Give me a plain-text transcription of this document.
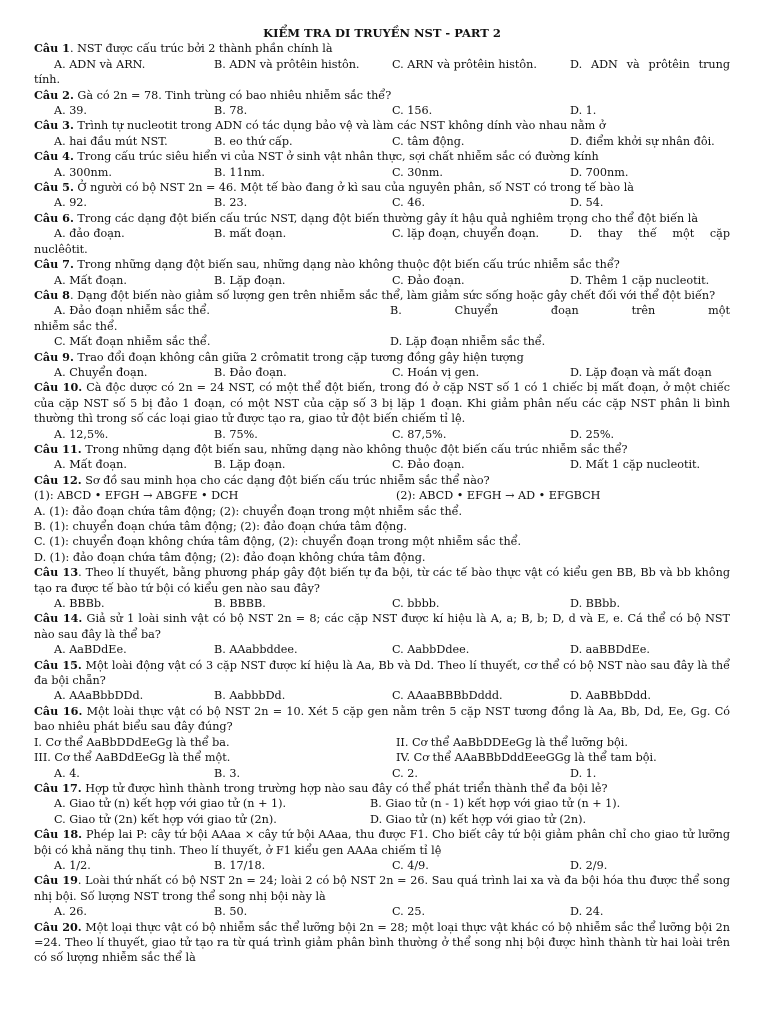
KIỂM TRA DI TRUYỀN NST - PART 2
Câu 1. NST được cấu trúc bởi 2 thành phần chính là
A. ADN và ARN.	B. ADN và prôtêin histôn.	C. ARN và prôtêin histôn.	D. ADN và prôtêin trung
tính.
Câu 2. Gà có 2n = 78. Tinh trùng có bao nhiêu nhiễm sắc thể?
A. 39.	B. 78.	C. 156.	D. 1.
Câu 3. Trình tự nucleotit trong ADN có tác dụng bảo vệ và làm các NST không dính vào nhau nằm ở
A. hai đầu mút NST.	B. eo thứ cấp.	C. tâm động.	D. điểm khởi sự nhân đôi.
Câu 4. Trong cấu trúc siêu hiển vi của NST ở sinh vật nhân thực, sợi chất nhiễm sắc có đường kính
A. 300nm.	B. 11nm.	C. 30nm.	D. 700nm.
Câu 5. Ở người có bộ NST 2n = 46. Một tế bào đang ở kì sau của nguyên phân, số NST có trong tế bào là
A. 92.	B. 23.	C. 46.	D. 54.
Câu 6. Trong các dạng đột biến cấu trúc NST, dạng đột biến thường gây ít hậu quả nghiêm trọng cho thể đột biến là
A. đảo đoạn.	B. mất đoạn.	C. lặp đoạn, chuyển đoạn.	D. thay thế một cặp
nuclêôtit.
Câu 7. Trong những dạng đột biến sau, những dạng nào không thuộc đột biến cấu trúc nhiễm sắc thể?
A. Mất đoạn.	B. Lặp đoạn.	C. Đảo đoạn.	D. Thêm 1 cặp nucleotit.
Câu 8. Dạng đột biến nào giảm số lượng gen trên nhiễm sắc thể, làm giảm sức sống hoặc gây chết đối với thể đột biến?
A. Đảo đoạn nhiễm sắc thể.	B. Chuyển đoạn trên một
nhiễm sắc thể.
C. Mất đoạn nhiễm sắc thể.	D. Lặp đoạn nhiễm sắc thể.
Câu 9. Trao đổi đoạn không cân giữa 2 crômatit trong cặp tương đồng gây hiện tượng
A. Chuyển đoạn.	B. Đảo đoạn.	C. Hoán vị gen.	D. Lặp đoạn và mất đoạn
Câu 10. Cà độc dược có 2n = 24 NST, có một thể đột biến, trong đó ở cặp NST số 1 có 1 chiếc bị mất đoạn, ở một chiếc của cặp NST số 5 bị đảo 1 đoạn, có một NST của cặp số 3 bị lặp 1 đoạn. Khi giảm phân nếu các cặp NST phân li bình thường thì trong số các loại giao tử được tạo ra, giao tử đột biến chiếm tỉ lệ.
A. 12,5%.	B. 75%.	C. 87,5%.	D. 25%.
Câu 11. Trong những dạng đột biến sau, những dạng nào không thuộc đột biến cấu trúc nhiễm sắc thể?
A. Mất đoạn.	B. Lặp đoạn.	C. Đảo đoạn.	D. Mất 1 cặp nucleotit.
Câu 12. Sơ đồ sau minh họa cho các dạng đột biến cấu trúc nhiễm sắc thể nào?
(1): ABCD • EFGH → ABGFE • DCH	(2): ABCD • EFGH → AD • EFGBCH
A. (1): đảo đoạn chứa tâm động; (2): chuyển đoạn trong một nhiễm sắc thể.
B. (1): chuyển đoạn chứa tâm động; (2): đảo đoạn chứa tâm động.
C. (1): chuyển đoạn không chứa tâm động, (2): chuyển đoạn trong một nhiễm sắc thể.
D. (1): đảo đoạn chứa tâm động; (2): đảo đoạn không chứa tâm động.
Câu 13. Theo lí thuyết, bằng phương pháp gây đột biến tự đa bội, từ các tế bào thực vật có kiểu gen BB, Bb và bb không tạo ra được tế bào tứ bội có kiểu gen nào sau đây?
A. BBBb.	B. BBBB.	C. bbbb.	D. BBbb.
Câu 14. Giả sử 1 loài sinh vật có bộ NST 2n = 8; các cặp NST được kí hiệu là A, a; B, b; D, d và E, e. Cá thể có bộ NST nào sau đây là thể ba?
A. AaBDdEe.	B. AAabbddee.	C. AabbDdee.	D. aaBBDdEe.
Câu 15. Một loài động vật có 3 cặp NST được kí hiệu là Aa, Bb và Dd. Theo lí thuyết, cơ thể có bộ NST nào sau đây là thể đa bội chẵn?
A. AAaBbbDDd.	B. AabbbDd.	C. AAaaBBBbDddd.	D. AaBBbDdd.
Câu 16. Một loài thực vật có bộ NST 2n = 10. Xét 5 cặp gen nằm trên 5 cặp NST tương đồng là Aa, Bb, Dd, Ee, Gg. Có bao nhiêu phát biểu sau đây đúng?
I. Cơ thể AaBbDDdEeGg là thể ba.	II. Cơ thể AaBbDDEeGg là thể lưỡng bội.
III. Cơ thể AaBDdEeGg là thể một.	IV. Cơ thể AAaBBbDddEeeGGg là thể tam bội.
A. 4.	B. 3.	C. 2.	D. 1.
Câu 17. Hợp tử được hình thành trong trường hợp nào sau đây có thể phát triển thành thể đa bội lẻ?
A. Giao tử (n) kết hợp với giao tử (n + 1).	B. Giao tử (n - 1) kết hợp với giao tử (n + 1).
C. Giao tử (2n) kết hợp với giao tử (2n).	D. Giao tử (n) kết hợp với giao tử (2n).
Câu 18. Phép lai P: cây tứ bội AAaa × cây tứ bội AAaa, thu được F1. Cho biết cây tứ bội giảm phân chỉ cho giao tử lưỡng bội có khả năng thụ tinh. Theo lí thuyết, ở F1 kiểu gen AAAa chiếm tỉ lệ
A. 1/2.	B. 17/18.	C. 4/9.	D. 2/9.
Câu 19. Loài thứ nhất có bộ NST 2n = 24; loài 2 có bộ NST 2n = 26. Sau quá trình lai xa và đa bội hóa thu được thể song nhị bội. Số lượng NST trong thể song nhị bội này là
A. 26.	B. 50.	C. 25.	D. 24.
Câu 20. Một loại thực vật có bộ nhiễm sắc thể lưỡng bội 2n = 28; một loại thực vật khác có bộ nhiễm sắc thể lưỡng bội 2n =24. Theo lí thuyết, giao tử tạo ra từ quá trình giảm phân bình thường ở thể song nhị bội được hình thành từ hai loài trên có số lượng nhiễm sắc thể là
